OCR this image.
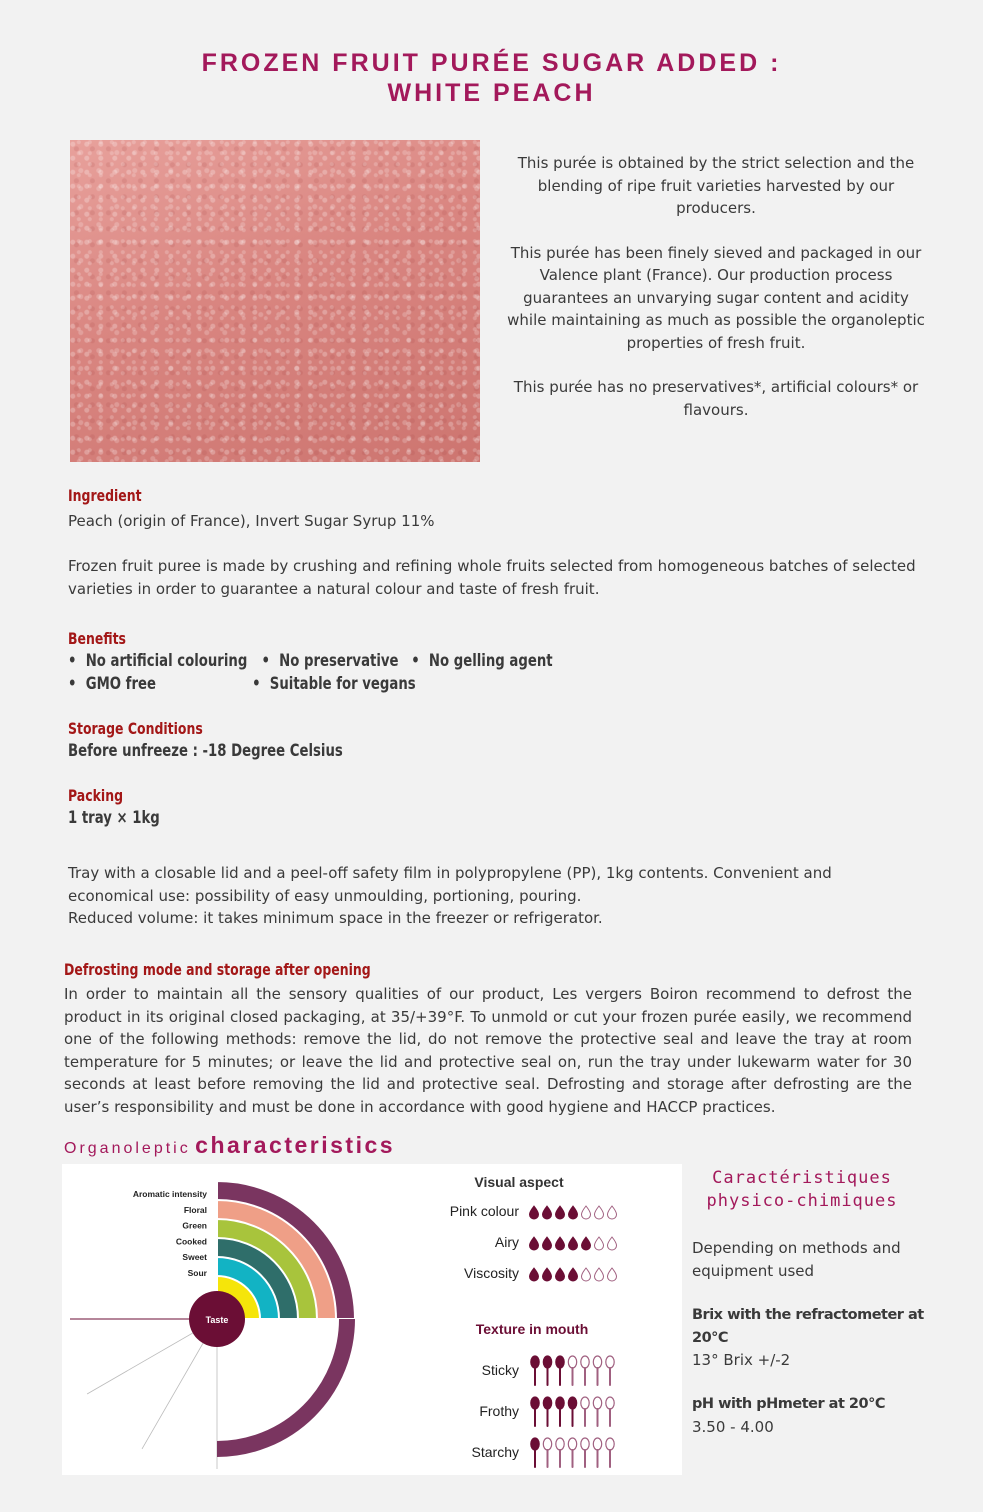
FROZEN FRUIT PURÉE SUGAR ADDED :
WHITE PEACH

This purée is obtained by the strict selection and the blending of ripe fruit varieties harvested by our producers.

This purée has been finely sieved and packaged in our Valence plant (France). Our production process guarantees an unvarying sugar content and acidity while maintaining as much as possible the organoleptic properties of fresh fruit.

This purée has no preservatives*, artificial colours* or flavours.

Ingredient
Peach (origin of France), Invert Sugar Syrup 11%
Frozen fruit puree is made by crushing and refining whole fruits selected from homogeneous batches of selected varieties in order to guarantee a natural colour and taste of fresh fruit.
Benefits
•  No artificial colouring •  No preservative •  No gelling agent
•  GMO free	•  Suitable for vegans
Storage Conditions
Before unfreeze : -18 Degree Celsius
Packing
1 tray × 1kg
Tray with a closable lid and a peel-off safety film in polypropylene (PP), 1kg contents. Convenient and economical use: possibility of easy unmoulding, portioning, pouring.
Reduced volume: it takes minimum space in the freezer or refrigerator.
Defrosting mode and storage after opening
In order to maintain all the sensory qualities of our product, Les vergers Boiron recommend to defrost the product in its original closed packaging, at 35/+39°F. To unmold or cut your frozen purée easily, we recommend one of the following methods: remove the lid, do not remove the protective seal and leave the tray at room temperature for 5 minutes; or leave the lid and protective seal on, run the tray under lukewarm water for 30 seconds at least before removing the lid and protective seal. Defrosting and storage after defrosting are the user’s responsibility and must be done in accordance with good hygiene and HACCP practices.
Organoleptic characteristics
Taste
Aromatic intensity
Floral
Green
Cooked
Sweet
Sour
Visual aspect
Pink colour
Airy
Viscosity
Texture in mouth
Sticky
Frothy
Starchy
Caractéristiques
physico-chimiques
Depending on methods and equipment used
Brix with the refractometer at 20°C
13° Brix +/-2
pH with pHmeter at 20°C
3.50 - 4.00
